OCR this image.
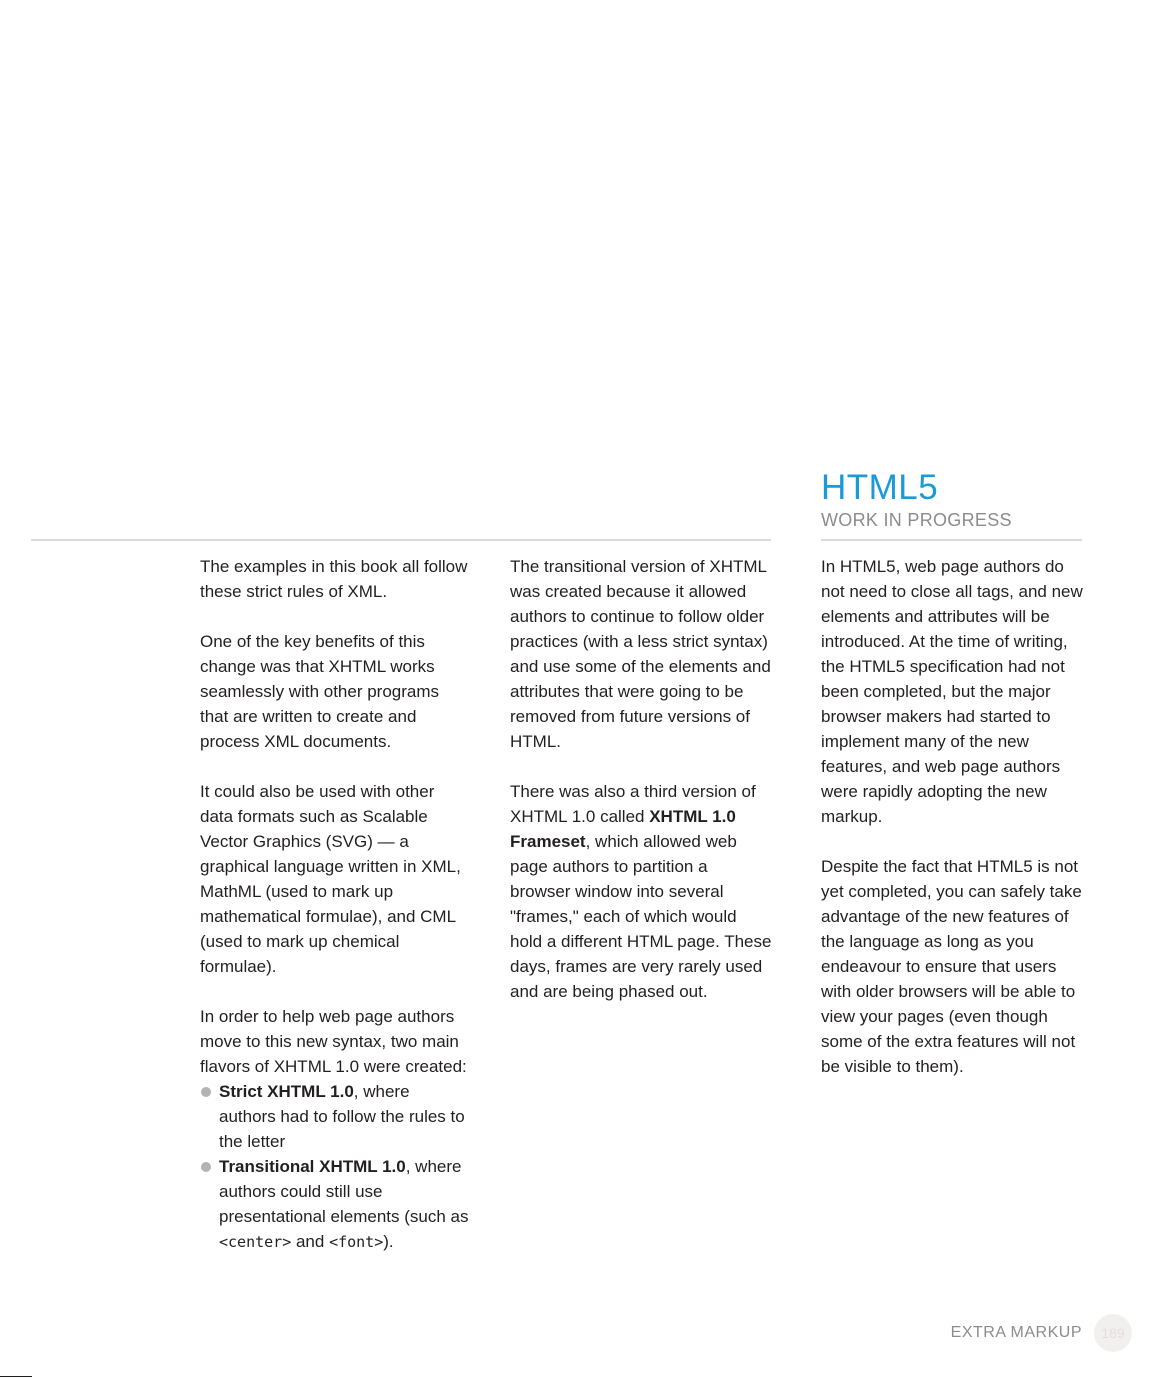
HTML5
WORK IN PROGRESS

The examples in this book all follow these strict rules of XML.

One of the key benefits of this change was that XHTML works seamlessly with other programs that are written to create and process XML documents.

It could also be used with other data formats such as Scalable Vector Graphics (SVG) — a graphical language written in XML, MathML (used to mark up mathematical formulae), and CML (used to mark up chemical formulae).

In order to help web page authors move to this new syntax, two main flavors of XHTML 1.0 were created:

Strict XHTML 1.0, where authors had to follow the rules to the letter
Transitional XHTML 1.0, where authors could still use presentational elements (such as <center> and <font>).

The transitional version of XHTML was created because it allowed authors to continue to follow older practices (with a less strict syntax) and use some of the elements and attributes that were going to be removed from future versions of HTML.

There was also a third version of XHTML 1.0 called XHTML 1.0 Frameset, which allowed web page authors to partition a browser window into several "frames," each of which would hold a different HTML page. These days, frames are very rarely used and are being phased out.

In HTML5, web page authors do not need to close all tags, and new elements and attributes will be introduced. At the time of writing, the HTML5 specification had not been completed, but the major browser makers had started to implement many of the new features, and web page authors were rapidly adopting the new markup.

Despite the fact that HTML5 is not yet completed, you can safely take advantage of the new features of the language as long as you endeavour to ensure that users with older browsers will be able to view your pages (even though some of the extra features will not be visible to them).

EXTRA MARKUP	189
